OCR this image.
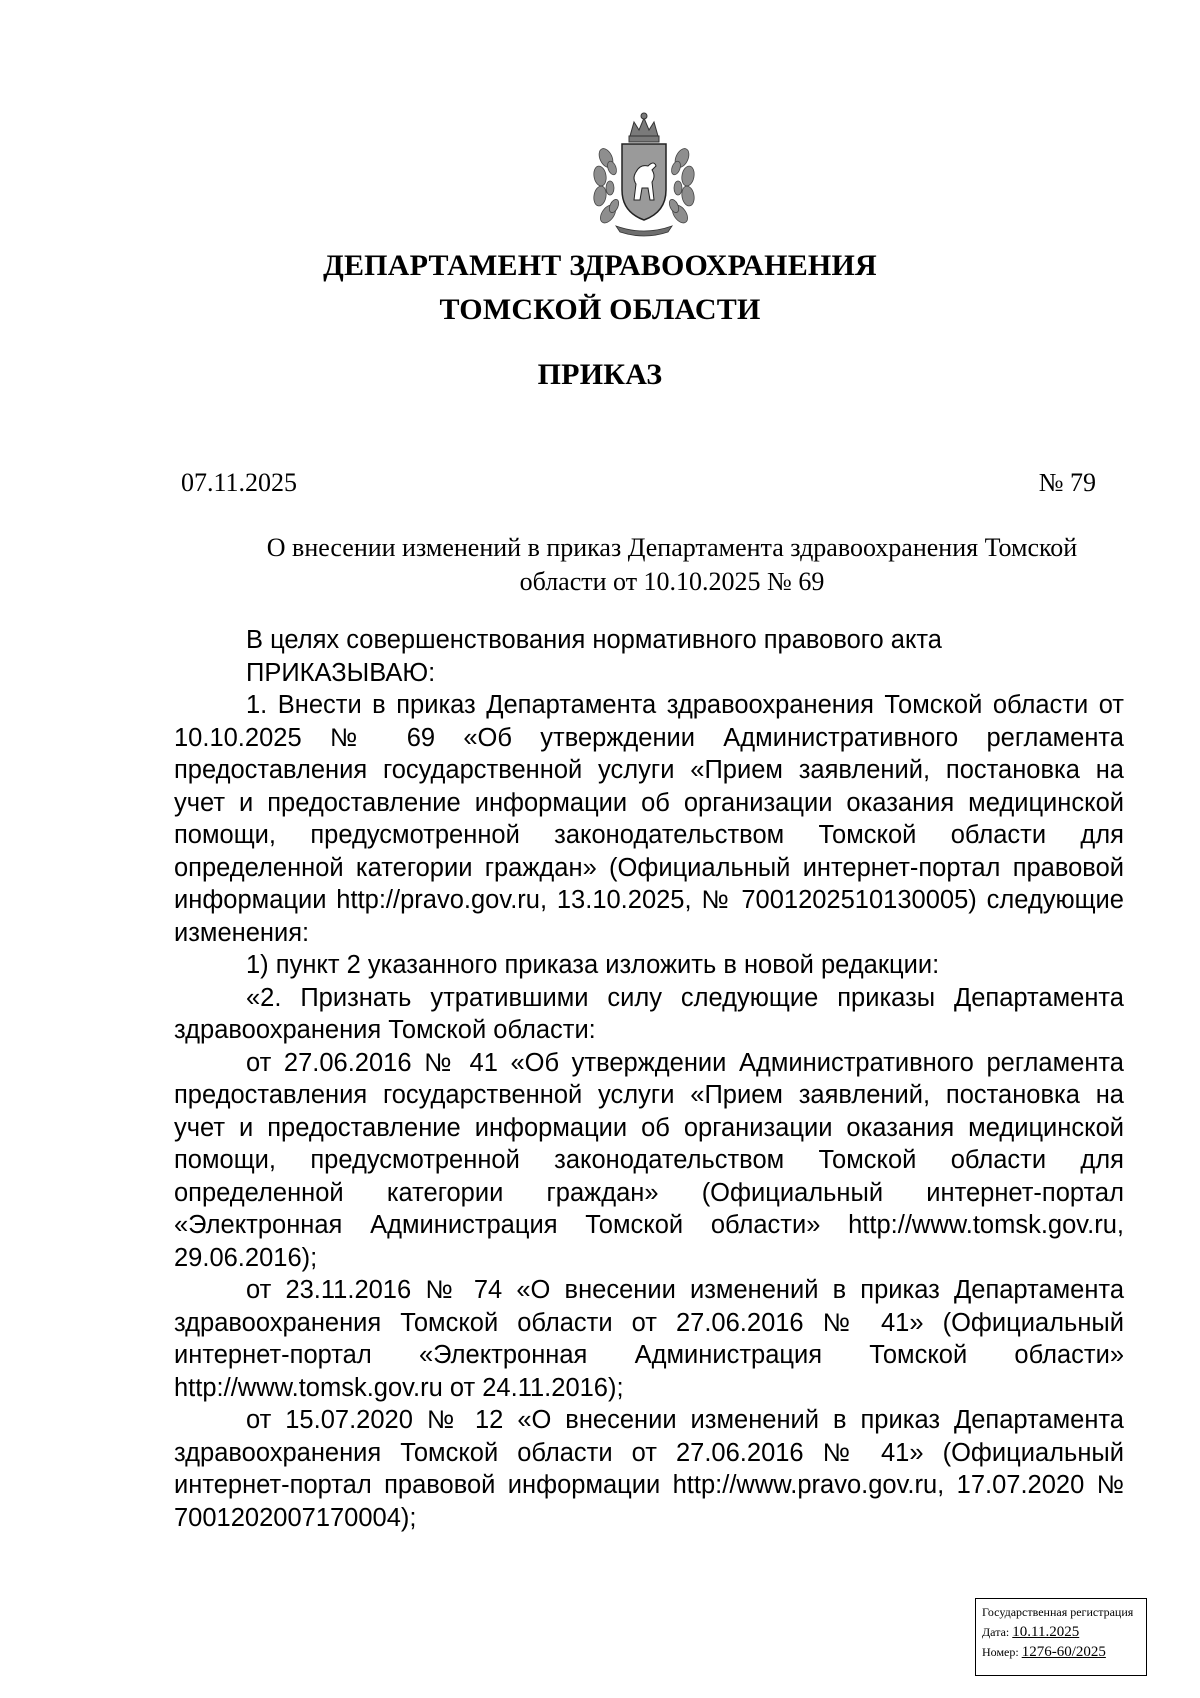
ДЕПАРТАМЕНТ ЗДРАВООХРАНЕНИЯ
ТОМСКОЙ ОБЛАСТИ
ПРИКАЗ
07.11.2025	№ 79
О внесении изменений в приказ Департамента здравоохранения Томской
области от 10.10.2025 № 69

В целях совершенствования нормативного правового акта

ПРИКАЗЫВАЮ:

1. Внести в приказ Департамента здравоохранения Томской области от 10.10.2025 № 69 «Об утверждении Административного регламента предоставления государственной услуги «Прием заявлений, постановка на учет и предоставление информации об организации оказания медицинской помощи, предусмотренной законодательством Томской области для определенной категории граждан» (Официальный интернет-портал правовой информации http://pravo.gov.ru, 13.10.2025, № 7001202510130005) следующие изменения:

1) пункт 2 указанного приказа изложить в новой редакции:

«2. Признать утратившими силу следующие приказы Департамента здравоохранения Томской области:

от 27.06.2016 № 41 «Об утверждении Административного регламента предоставления государственной услуги «Прием заявлений, постановка на учет и предоставление информации об организации оказания медицинской помощи, предусмотренной законодательством Томской области для определенной категории граждан» (Официальный интернет-портал «Электронная Администрация Томской области» http://www.tomsk.gov.ru, 29.06.2016);

от 23.11.2016 № 74 «О внесении изменений в приказ Департамента здравоохранения Томской области от 27.06.2016 № 41» (Официальный интернет-портал «Электронная Администрация Томской области» http://www.tomsk.gov.ru от 24.11.2016);

от 15.07.2020 № 12 «О внесении изменений в приказ Департамента здравоохранения Томской области от 27.06.2016 № 41» (Официальный интернет-портал правовой информации http://www.pravo.gov.ru, 17.07.2020 № 7001202007170004);

Государственная регистрация
Дата: 10.11.2025
Номер: 1276-60/2025
